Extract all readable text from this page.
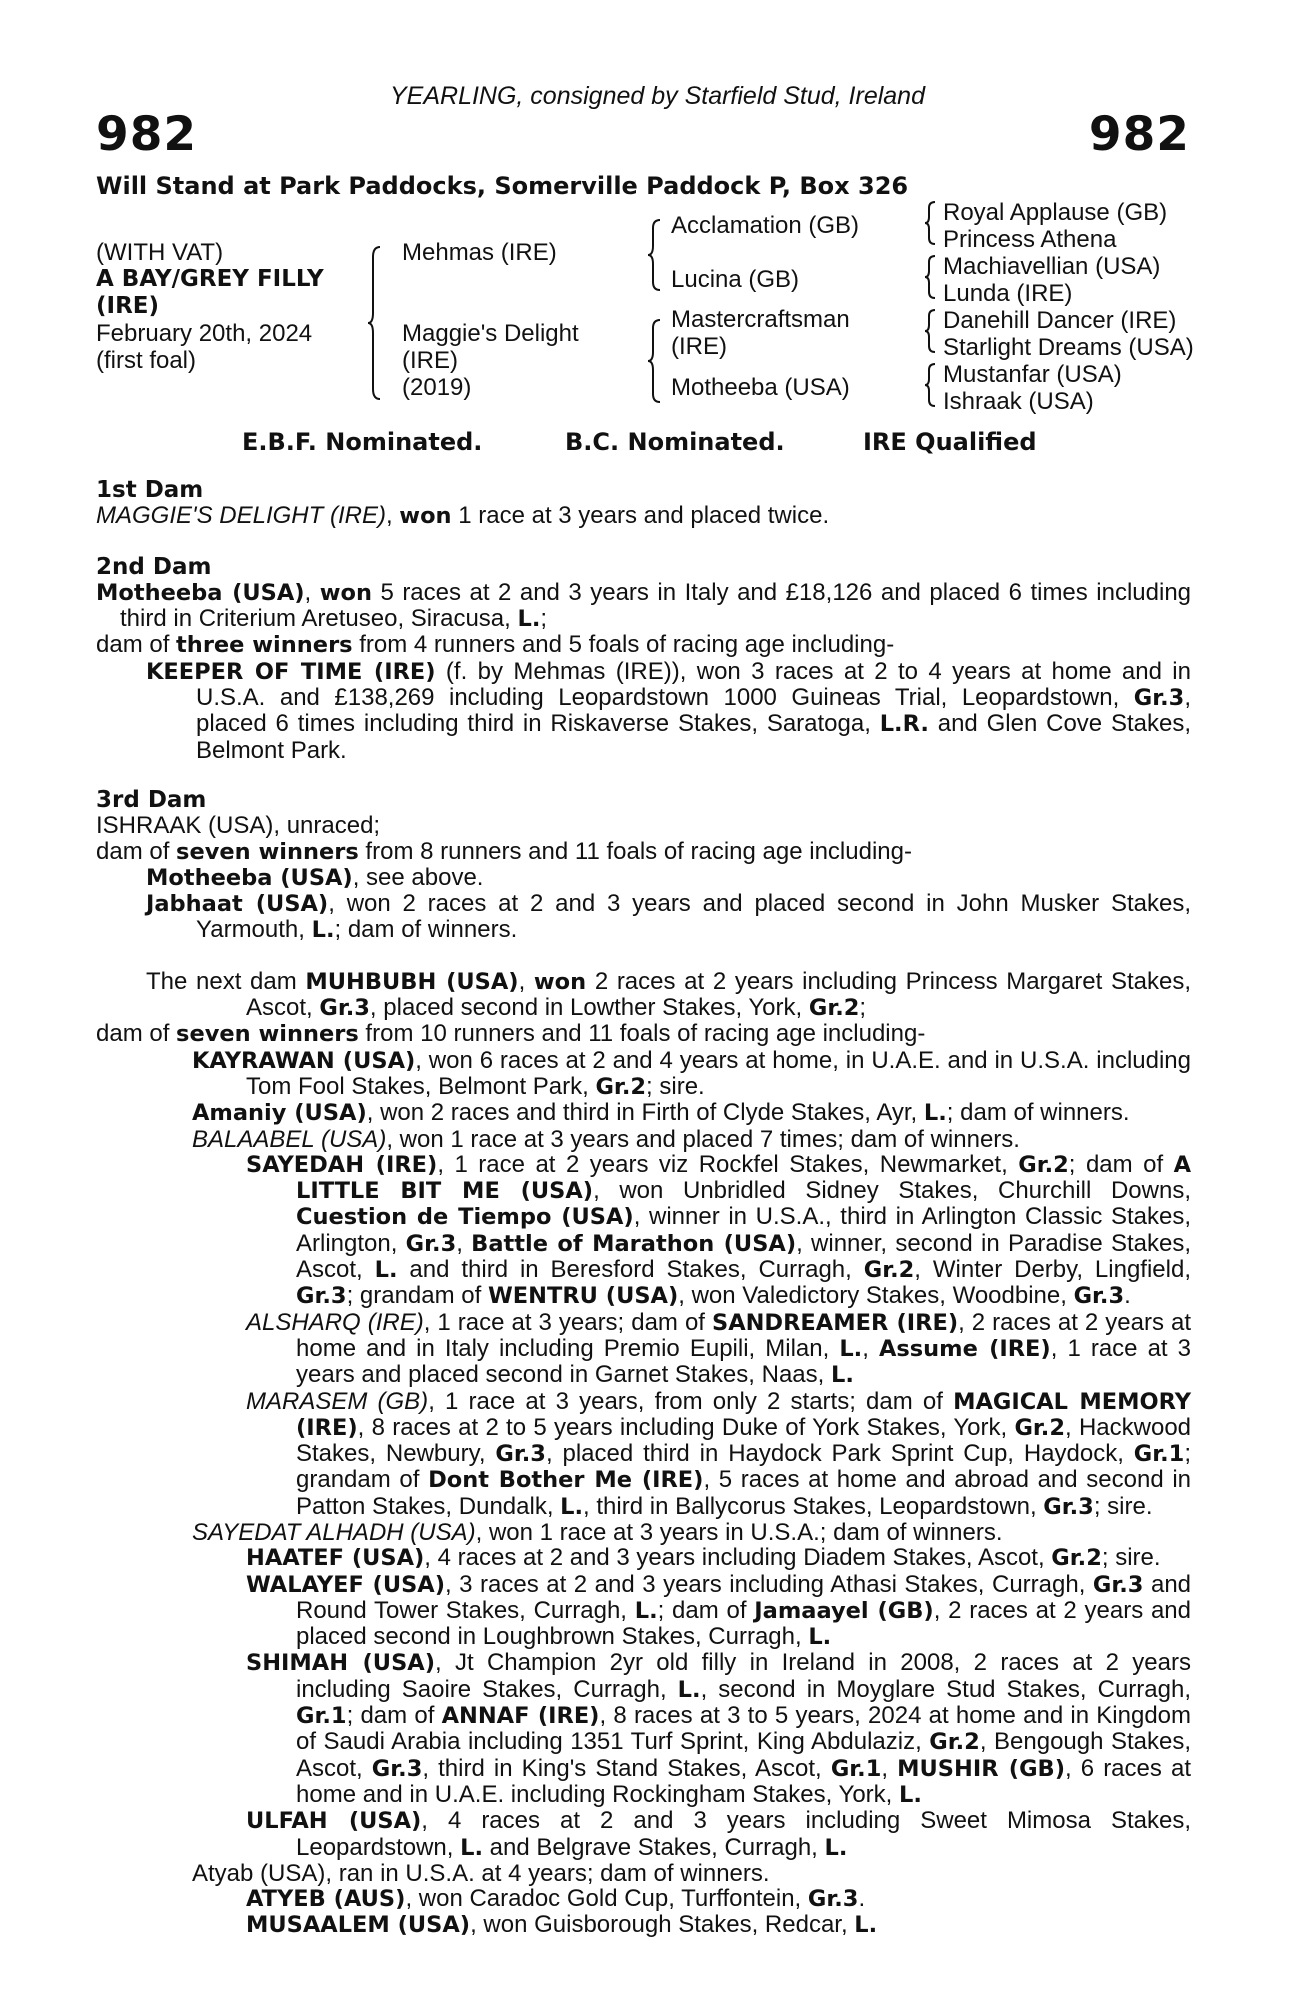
YEARLING, consigned by Starfield Stud, Ireland
982	982
Will Stand at Park Paddocks, Somerville Paddock P, Box 326
(WITH VAT)
A BAY/GREY FILLY
(IRE)
February 20th, 2024
(first foal)
Mehmas (IRE)
Maggie's Delight
(IRE)
(2019)
Acclamation (GB)
Lucina (GB)
Mastercraftsman
(IRE)
Motheeba (USA)
Royal Applause (GB)
Princess Athena
Machiavellian (USA)
Lunda (IRE)
Danehill Dancer (IRE)
Starlight Dreams (USA)
Mustanfar (USA)
Ishraak (USA)
E.B.F. Nominated.	B.C. Nominated.	IRE Qualified
1st Dam
MAGGIE'S DELIGHT (IRE), won 1 race at 3 years and placed twice.
2nd Dam
Motheeba (USA), won 5 races at 2 and 3 years in Italy and £18,126 and placed 6 times including third in Criterium Aretuseo, Siracusa, L.;
dam of three winners from 4 runners and 5 foals of racing age including-
KEEPER OF TIME (IRE) (f. by Mehmas (IRE)), won 3 races at 2 to 4 years at home and in U.S.A. and £138,269 including Leopardstown 1000 Guineas Trial, Leopardstown, Gr.3, placed 6 times including third in Riskaverse Stakes, Saratoga, L.R. and Glen Cove Stakes, Belmont Park.
3rd Dam
ISHRAAK (USA), unraced;
dam of seven winners from 8 runners and 11 foals of racing age including-
Motheeba (USA), see above.
Jabhaat (USA), won 2 races at 2 and 3 years and placed second in John Musker Stakes, Yarmouth, L.; dam of winners.
The next dam MUHBUBH (USA), won 2 races at 2 years including Princess Margaret Stakes, Ascot, Gr.3, placed second in Lowther Stakes, York, Gr.2;
dam of seven winners from 10 runners and 11 foals of racing age including-
KAYRAWAN (USA), won 6 races at 2 and 4 years at home, in U.A.E. and in U.S.A. including Tom Fool Stakes, Belmont Park, Gr.2; sire.
Amaniy (USA), won 2 races and third in Firth of Clyde Stakes, Ayr, L.; dam of winners.
BALAABEL (USA), won 1 race at 3 years and placed 7 times; dam of winners.
SAYEDAH (IRE), 1 race at 2 years viz Rockfel Stakes, Newmarket, Gr.2; dam of A LITTLE BIT ME (USA), won Unbridled Sidney Stakes, Churchill Downs, Cuestion de Tiempo (USA), winner in U.S.A., third in Arlington Classic Stakes, Arlington, Gr.3, Battle of Marathon (USA), winner, second in Paradise Stakes, Ascot, L. and third in Beresford Stakes, Curragh, Gr.2, Winter Derby, Lingfield, Gr.3; grandam of WENTRU (USA), won Valedictory Stakes, Woodbine, Gr.3.
ALSHARQ (IRE), 1 race at 3 years; dam of SANDREAMER (IRE), 2 races at 2 years at home and in Italy including Premio Eupili, Milan, L., Assume (IRE), 1 race at 3 years and placed second in Garnet Stakes, Naas, L.
MARASEM (GB), 1 race at 3 years, from only 2 starts; dam of MAGICAL MEMORY (IRE), 8 races at 2 to 5 years including Duke of York Stakes, York, Gr.2, Hackwood Stakes, Newbury, Gr.3, placed third in Haydock Park Sprint Cup, Haydock, Gr.1; grandam of Dont Bother Me (IRE), 5 races at home and abroad and second in Patton Stakes, Dundalk, L., third in Ballycorus Stakes, Leopardstown, Gr.3; sire.
SAYEDAT ALHADH (USA), won 1 race at 3 years in U.S.A.; dam of winners.
HAATEF (USA), 4 races at 2 and 3 years including Diadem Stakes, Ascot, Gr.2; sire.
WALAYEF (USA), 3 races at 2 and 3 years including Athasi Stakes, Curragh, Gr.3 and Round Tower Stakes, Curragh, L.; dam of Jamaayel (GB), 2 races at 2 years and placed second in Loughbrown Stakes, Curragh, L.
SHIMAH (USA), Jt Champion 2yr old filly in Ireland in 2008, 2 races at 2 years including Saoire Stakes, Curragh, L., second in Moyglare Stud Stakes, Curragh, Gr.1; dam of ANNAF (IRE), 8 races at 3 to 5 years, 2024 at home and in Kingdom of Saudi Arabia including 1351 Turf Sprint, King Abdulaziz, Gr.2, Bengough Stakes, Ascot, Gr.3, third in King's Stand Stakes, Ascot, Gr.1, MUSHIR (GB), 6 races at home and in U.A.E. including Rockingham Stakes, York, L.
ULFAH (USA), 4 races at 2 and 3 years including Sweet Mimosa Stakes, Leopardstown, L. and Belgrave Stakes, Curragh, L.
Atyab (USA), ran in U.S.A. at 4 years; dam of winners.
ATYEB (AUS), won Caradoc Gold Cup, Turffontein, Gr.3.
MUSAALEM (USA), won Guisborough Stakes, Redcar, L.
